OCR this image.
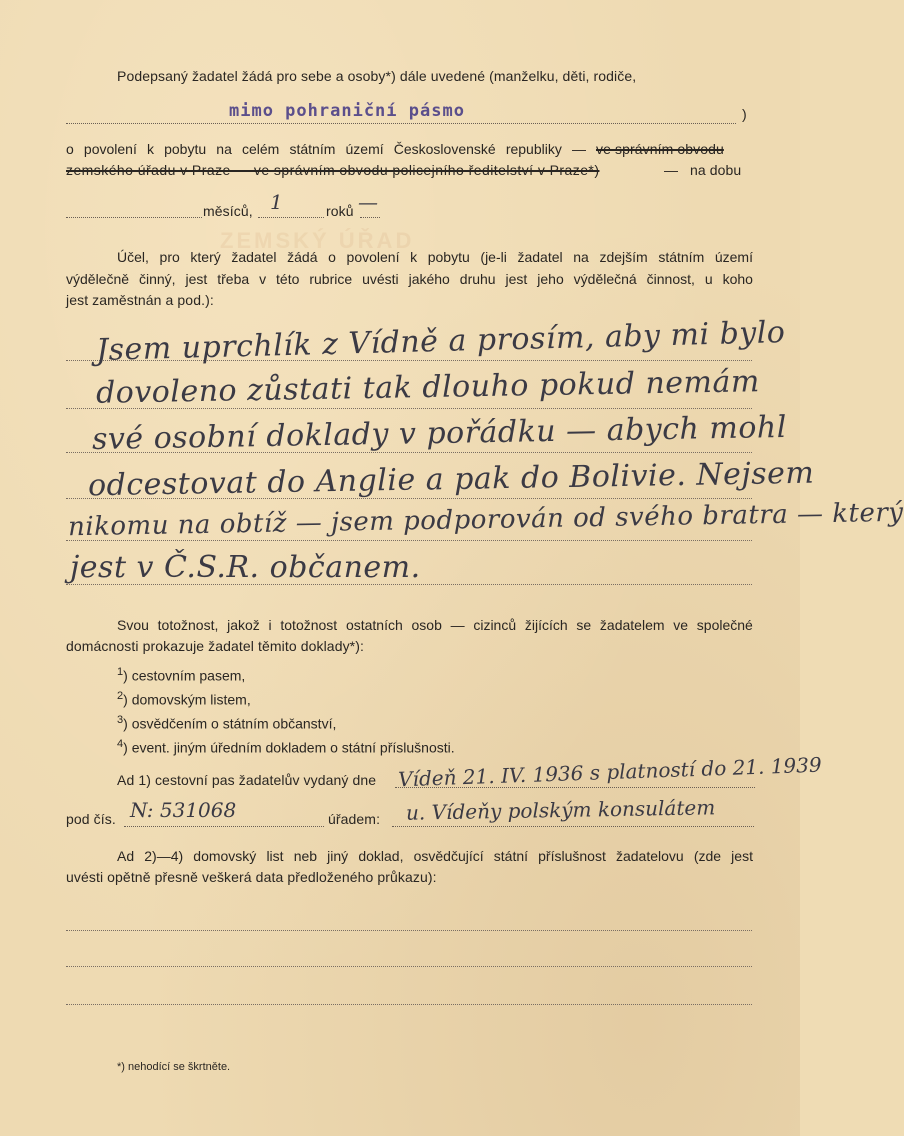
ZEMSKÝ ÚŘAD
Podepsaný žadatel žádá pro sebe a osoby*) dále uvedené (manželku, děti, rodiče,
mimo pohraniční pásmo	)
o povolení k pobytu na celém státním území Československé republiky — ve správním obvodu
zemského úřadu v Praze — ve správním obvodu policejního ředitelství v Praze*)	— na dobu
měsíců, 1	roků —
Účel, pro který žadatel žádá o povolení k pobytu (je-li žadatel na zdejším státním území
výdělečně činný, jest třeba v této rubrice uvésti jakého druhu jest jeho výdělečná činnost, u koho
jest zaměstnán a pod.):
Jsem uprchlík z Vídně a prosím, aby mi bylo
dovoleno zůstati tak dlouho pokud nemám
své osobní doklady v pořádku — abych mohl
odcestovat do Anglie a pak do Bolivie. Nejsem
nikomu na obtíž — jsem podporován od svého bratra — který
jest v Č.S.R. občanem.
Svou totožnost, jakož i totožnost ostatních osob — cizinců žijících se žadatelem ve společné
domácnosti prokazuje žadatel těmito doklady*):
$^1$) cestovním pasem,
$^2$) domovským listem,
$^3$) osvědčením o státním občanství,
$^4$) event. jiným úředním dokladem o státní příslušnosti.
Ad 1) cestovní pas žadatelův vydaný dne Vídeň 21. IV. 1936 s platností do 21. 1939
pod čís. N: 531068	úřadem: u. Vídeňy polským konsulátem
Ad 2)—4) domovský list neb jiný doklad, osvědčující státní příslušnost žadatelovu (zde jest
uvésti opětně přesně veškerá data předloženého průkazu):
*) nehodící se škrtněte.
